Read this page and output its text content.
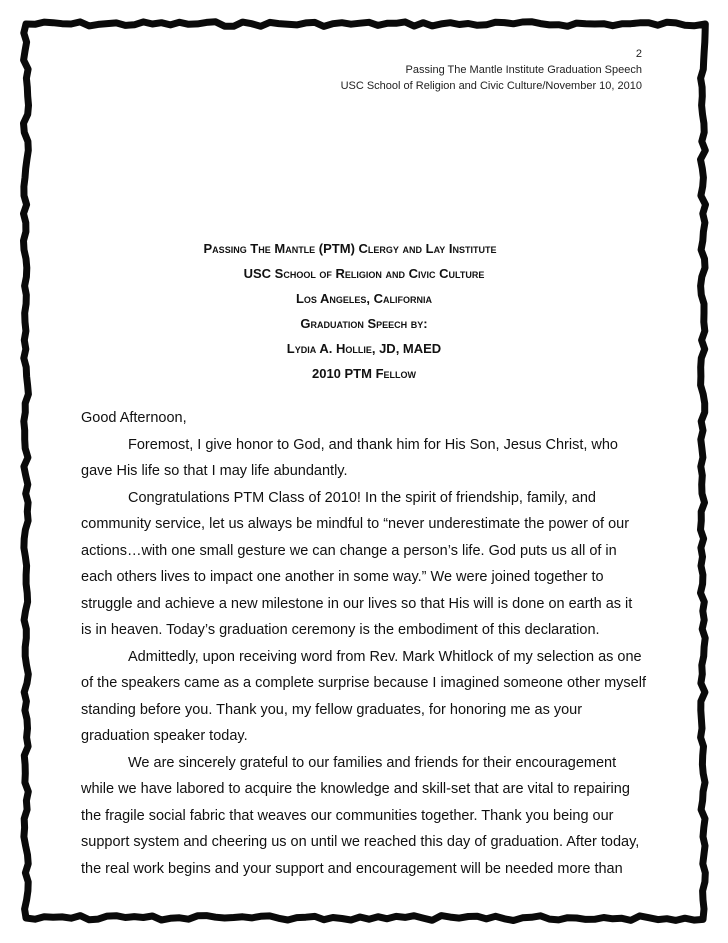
2
Passing The Mantle Institute Graduation Speech
USC School of Religion and Civic Culture/November 10, 2010
Passing The Mantle (PTM) Clergy and Lay Institute
USC School of Religion and Civic Culture
Los Angeles, California
Graduation Speech by:
Lydia A. Hollie, JD, MAED
2010 PTM Fellow

Good Afternoon,

Foremost, I give honor to God, and thank him for His Son, Jesus Christ, who gave His life so that I may life abundantly.

Congratulations PTM Class of 2010! In the spirit of friendship, family, and community service, let us always be mindful to “never underestimate the power of our actions…with one small gesture we can change a person’s life. God puts us all of in each others lives to impact one another in some way.” We were joined together to struggle and achieve a new milestone in our lives so that His will is done on earth as it is in heaven. Today’s graduation ceremony is the embodiment of this declaration.

Admittedly, upon receiving word from Rev. Mark Whitlock of my selection as one of the speakers came as a complete surprise because I imagined someone other myself standing before you. Thank you, my fellow graduates, for honoring me as your graduation speaker today.

We are sincerely grateful to our families and friends for their encouragement while we have labored to acquire the knowledge and skill-set that are vital to repairing the fragile social fabric that weaves our communities together. Thank you being our support system and cheering us on until we reached this day of graduation. After today, the real work begins and your support and encouragement will be needed more than
